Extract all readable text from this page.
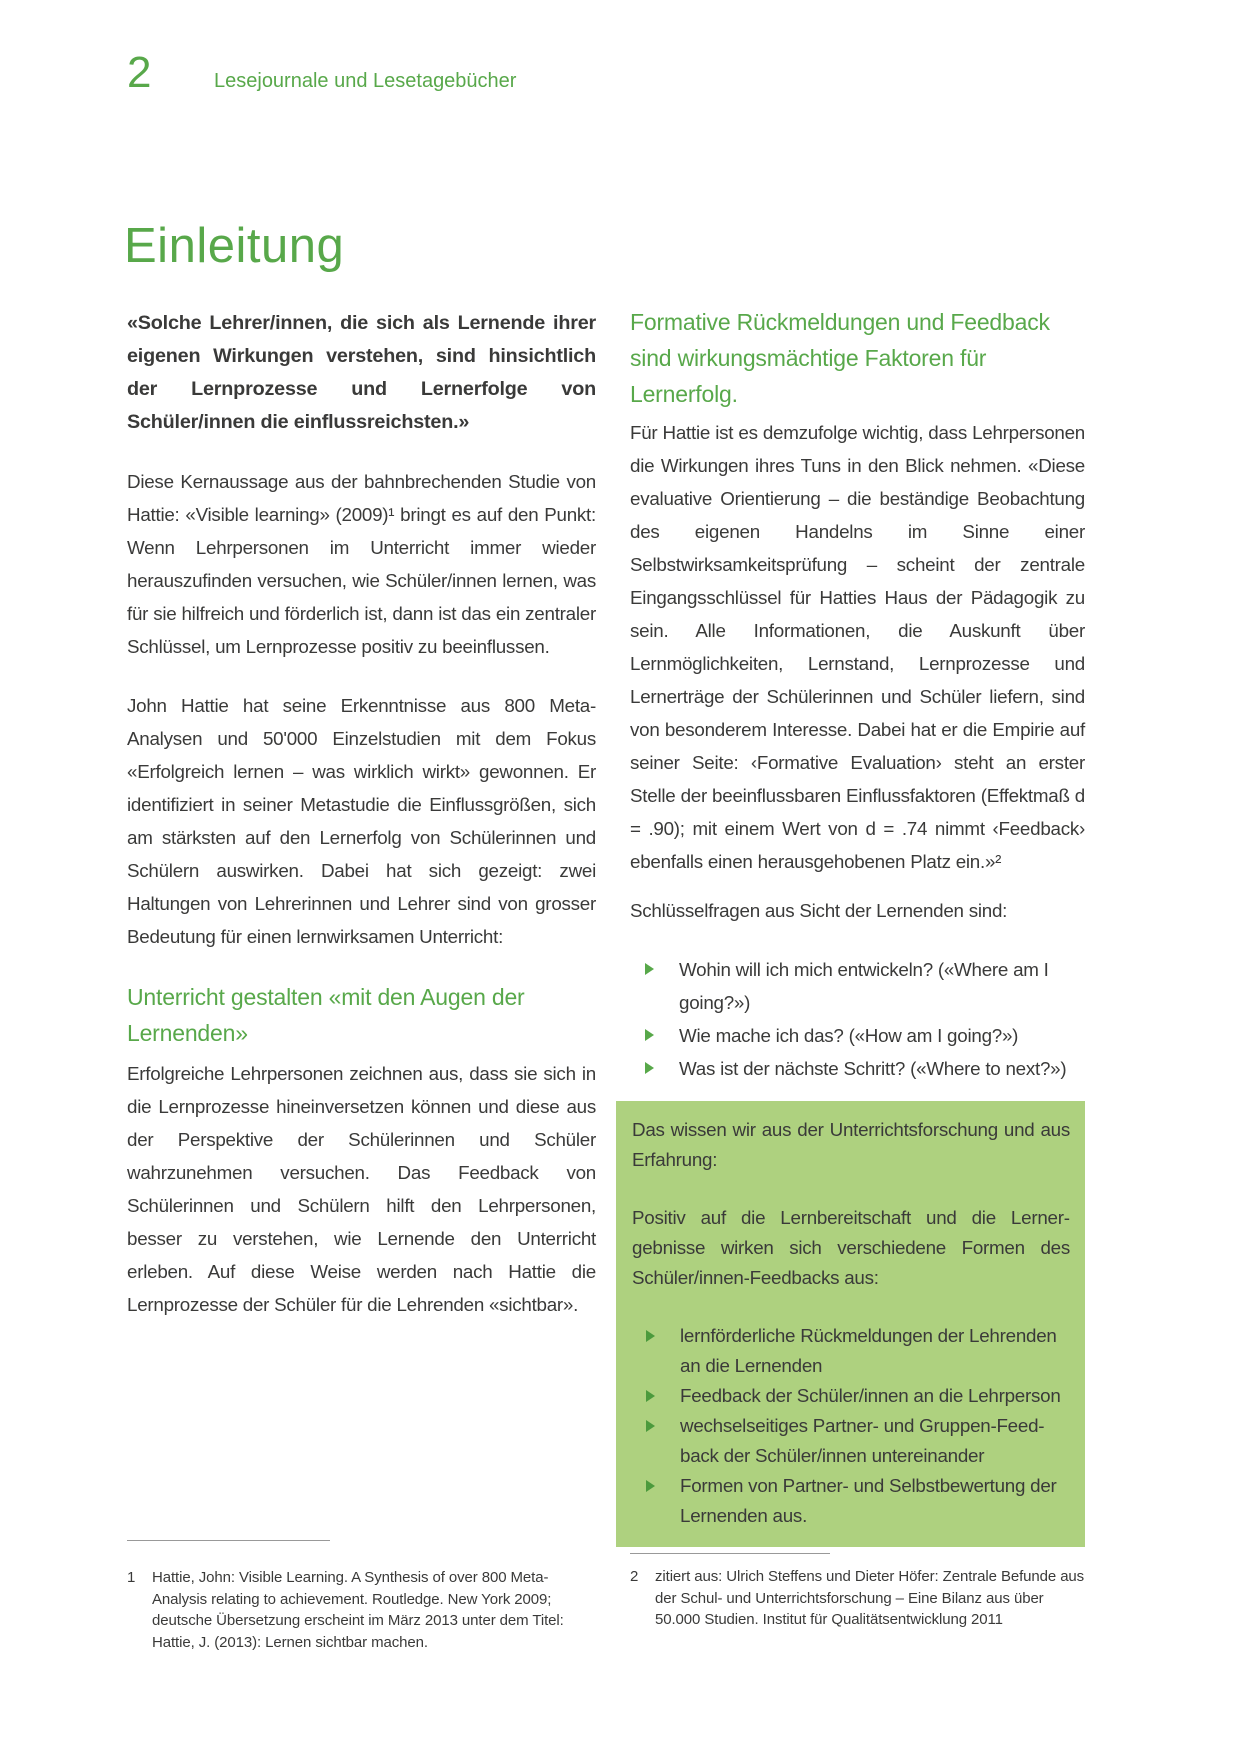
2	Lesejournale und Lesetagebücher
Einleitung

«Solche Lehrer/innen, die sich als Lernende ihrer eigenen Wirkungen verstehen, sind hinsichtlich der Lernprozesse und Lernerfolge von Schüler/innen die einflussreichsten.»

Diese Kernaussage aus der bahnbrechenden Studie von Hattie: «Visible learning» (2009)¹ bringt es auf den Punkt: Wenn Lehrpersonen im Unterricht immer wieder herauszufinden versuchen, wie Schüler/innen lernen, was für sie hilfreich und förderlich ist, dann ist das ein zentraler Schlüssel, um Lernprozesse positiv zu beeinflussen.

John Hattie hat seine Erkenntnisse aus 800 Meta-Analysen und 50'000 Einzelstudien mit dem Fokus «Erfolgreich lernen – was wirklich wirkt» gewonnen. Er identifiziert in seiner Metastudie die Einflussgrößen, sich am stärksten auf den Lernerfolg von Schülerinnen und Schülern auswirken. Dabei hat sich gezeigt: zwei Haltungen von Lehrerinnen und Lehrer sind von grosser Bedeutung für einen lernwirksamen Unterricht:

Unterricht gestalten «mit den Augen der Lernenden»

Erfolgreiche Lehrpersonen zeichnen aus, dass sie sich in die Lernprozesse hineinversetzen können und diese aus der Perspektive der Schülerinnen und Schüler wahrzunehmen versuchen. Das Feedback von Schülerinnen und Schülern hilft den Lehrpersonen, besser zu verstehen, wie Lernende den Unterricht erleben. Auf diese Weise werden nach Hattie die Lernprozesse der Schüler für die Lehrenden «sichtbar».

1	Hattie, John: Visible Learning. A Synthesis of over 800 Meta-Analysis relating to achievement. Routledge. New York 2009; deutsche Übersetzung erscheint im März 2013 unter dem Titel: Hattie, J. (2013): Lernen sichtbar machen.
Formative Rückmeldungen und Feedback sind wirkungsmächtige Faktoren für Lernerfolg.

Für Hattie ist es demzufolge wichtig, dass Lehrpersonen die Wirkungen ihres Tuns in den Blick nehmen. «Diese evaluative Orientierung – die beständige Beobachtung des eigenen Handelns im Sinne einer Selbstwirksamkeitsprüfung – scheint der zentrale Eingangsschlüssel für Hatties Haus der Pädagogik zu sein. Alle Informationen, die Auskunft über Lernmöglichkeiten, Lernstand, Lernprozesse und Lernerträge der Schülerinnen und Schüler liefern, sind von besonderem Interesse. Dabei hat er die Empirie auf seiner Seite: ‹Formative Evaluation› steht an erster Stelle der beeinflussbaren Einflussfaktoren (Effektmaß d = .90); mit einem Wert von d = .74 nimmt ‹Feedback› ebenfalls einen herausgehobenen Platz ein.»²

Schlüsselfragen aus Sicht der Lernenden sind:

Wohin will ich mich entwickeln? («Where am I going?»)
Wie mache ich das? («How am I going?»)
Was ist der nächste Schritt? («Where to next?»)

Das wissen wir aus der Unterrichtsforschung und aus Erfahrung:

Positiv auf die Lernbereitschaft und die Lernergebnisse wirken sich verschiedene Formen des Schüler/innen-Feedbacks aus:

lernförderliche Rückmeldungen der Lehrenden an die Lernenden
Feedback der Schüler/innen an die Lehrperson
wechselseitiges Partner- und Gruppen-Feedback der Schüler/innen untereinander
Formen von Partner- und Selbstbewertung der Lernenden aus.
2	zitiert aus: Ulrich Steffens und Dieter Höfer: Zentrale Befunde aus der Schul- und Unterrichtsforschung – Eine Bilanz aus über 50.000 Studien. Institut für Qualitätsentwicklung 2011
